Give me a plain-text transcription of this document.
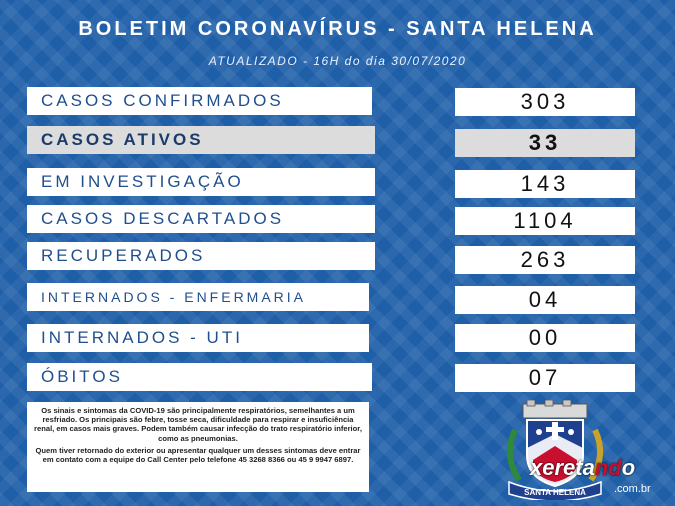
BOLETIM CORONAVÍRUS - SANTA HELENA
ATUALIZADO - 16H do dia 30/07/2020
CASOS CONFIRMADOS	303
CASOS ATIVOS	33
EM INVESTIGAÇÃO	143
CASOS DESCARTADOS	1104
RECUPERADOS	263
INTERNADOS - ENFERMARIA	04
INTERNADOS - UTI	00
ÓBITOS	07

Os sinais e sintomas da COVID-19 são principalmente respiratórios, semelhantes a um resfriado. Os principais são febre, tosse seca, dificuldade para respirar e insuficiência renal, em casos mais graves. Podem também causar infecção do trato respiratório inferior, como as pneumonias.

Quem tiver retornado do exterior ou apresentar qualquer um desses sintomas deve entrar em contato com a equipe do Call Center pelo telefone 45 3268 8366 ou 45 9 9947 6897.

SANTA HELENA
xeretando
.com.br
